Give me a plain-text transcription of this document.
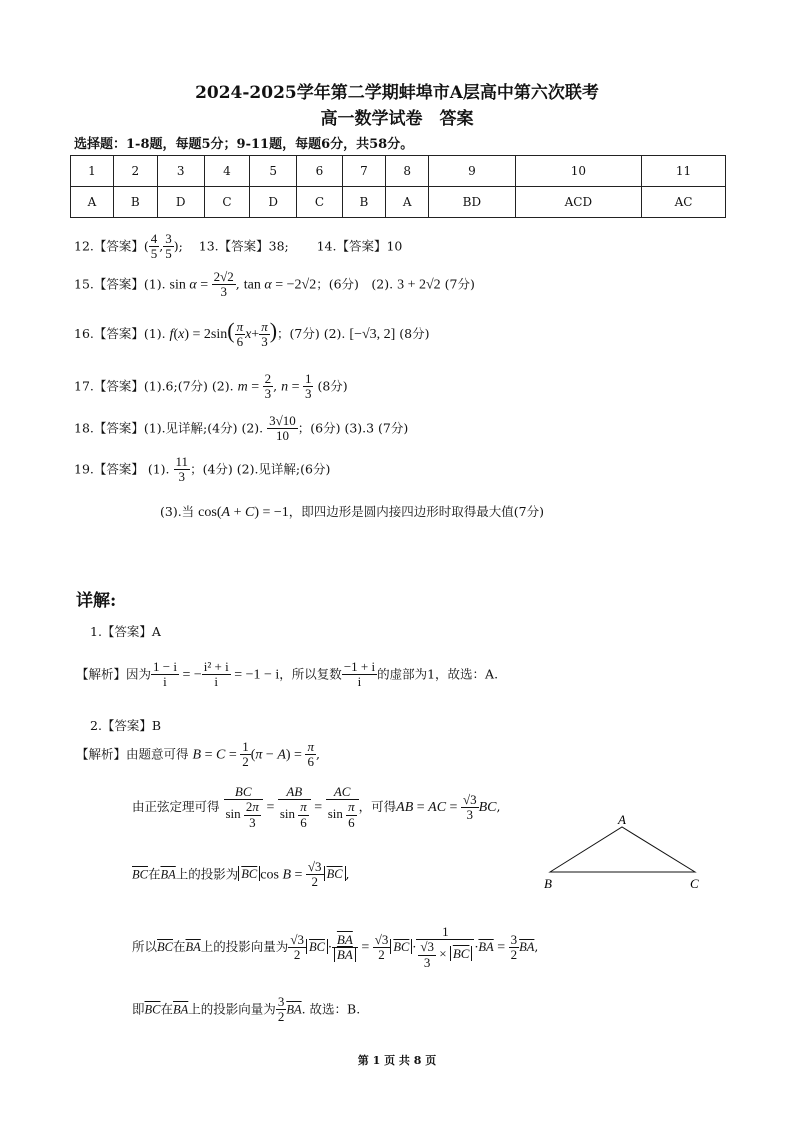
2024-2025学年第二学期蚌埠市A层高中第六次联考
高一数学试卷　答案
选择题：1-8题，每题5分；9-11题，每题6分，共58分。
1	2	3	4	5	6	7	8	9	10	11
A	B	D	C	D	C	B	A	BD	ACD	AC
12.【答案】( $\frac{4}{5}$ , $\frac{3}{5}$ );    13.【答案】38; 14.【答案】10
15.【答案】(1). $\sin \alpha = \frac{2√2}{3}$ , tan α = −2√2；(6分)　(2). 3 + 2√2 (7分)
16.【答案】(1). $f(x) = 2\sin( \frac{\pi}{6} x+ \frac{\pi}{3}$ )；(7分) (2). [−√3, 2] (8分)
17.【答案】(1).6;(7分) (2). $m = \frac{2}{3}$ , $n = \frac{1}{3} (8$分)
18.【答案】(1).见详解;(4分) (2). $\frac{3√10}{10}$ ；(6分) (3).3 (7分)
19.【答案】 (1). $\frac{11}{3}$ ；(4分) (2).见详解;(6分)
(3).当 cos(A + C) = −1，即四边形是圆内接四边形时取得最大值(7分)
详解:
1.【答案】A
【解析】因为 $\frac{1 - i}{i}$ = − $\frac{\text{i² + i}}{i} = -1 - i$，所以复数 $\frac{-1 + i}{i}$ 的虚部为1，故选：A.
2.【答案】B
【解析】由题意可得 $B = C = \frac{1}{2} (\pi - A) = \frac{\pi}{6}$ ,
由正弦定理可得 $\frac{BC}{\sin \frac{2\pi}{3}} = \frac{AB}{\sin \frac{\pi}{6}} = \frac{AC}{\sin \frac{\pi}{6}}$ ，可得AB = AC = $\frac{√3}{3}$ BC,
$\overline{BC}$在$\overline{BA}$上的投影为 $\overline{BC}$ $\cos B = \frac{√3}{2} \overline{BC}$ ,
所以$\overline{BC}$在$\overline{BA}$上的投影向量为 $\frac{√3}{2} \overline{BC} \cdot \frac{\overline{BA}}{BA} = \frac{√3}{2} \overline{BC} \cdot \frac{1}{\frac{√3}{3} \times \overline{BC}} \cdot\overline{BA} = \frac{3}{2} \overline{BA}$,
即$\overline{BC}$在$\overline{BA}$上的投影向量为 $\frac{3}{2} \overline{BA}$. 故选：B.
A
B	C
第 1 页 共 8 页
